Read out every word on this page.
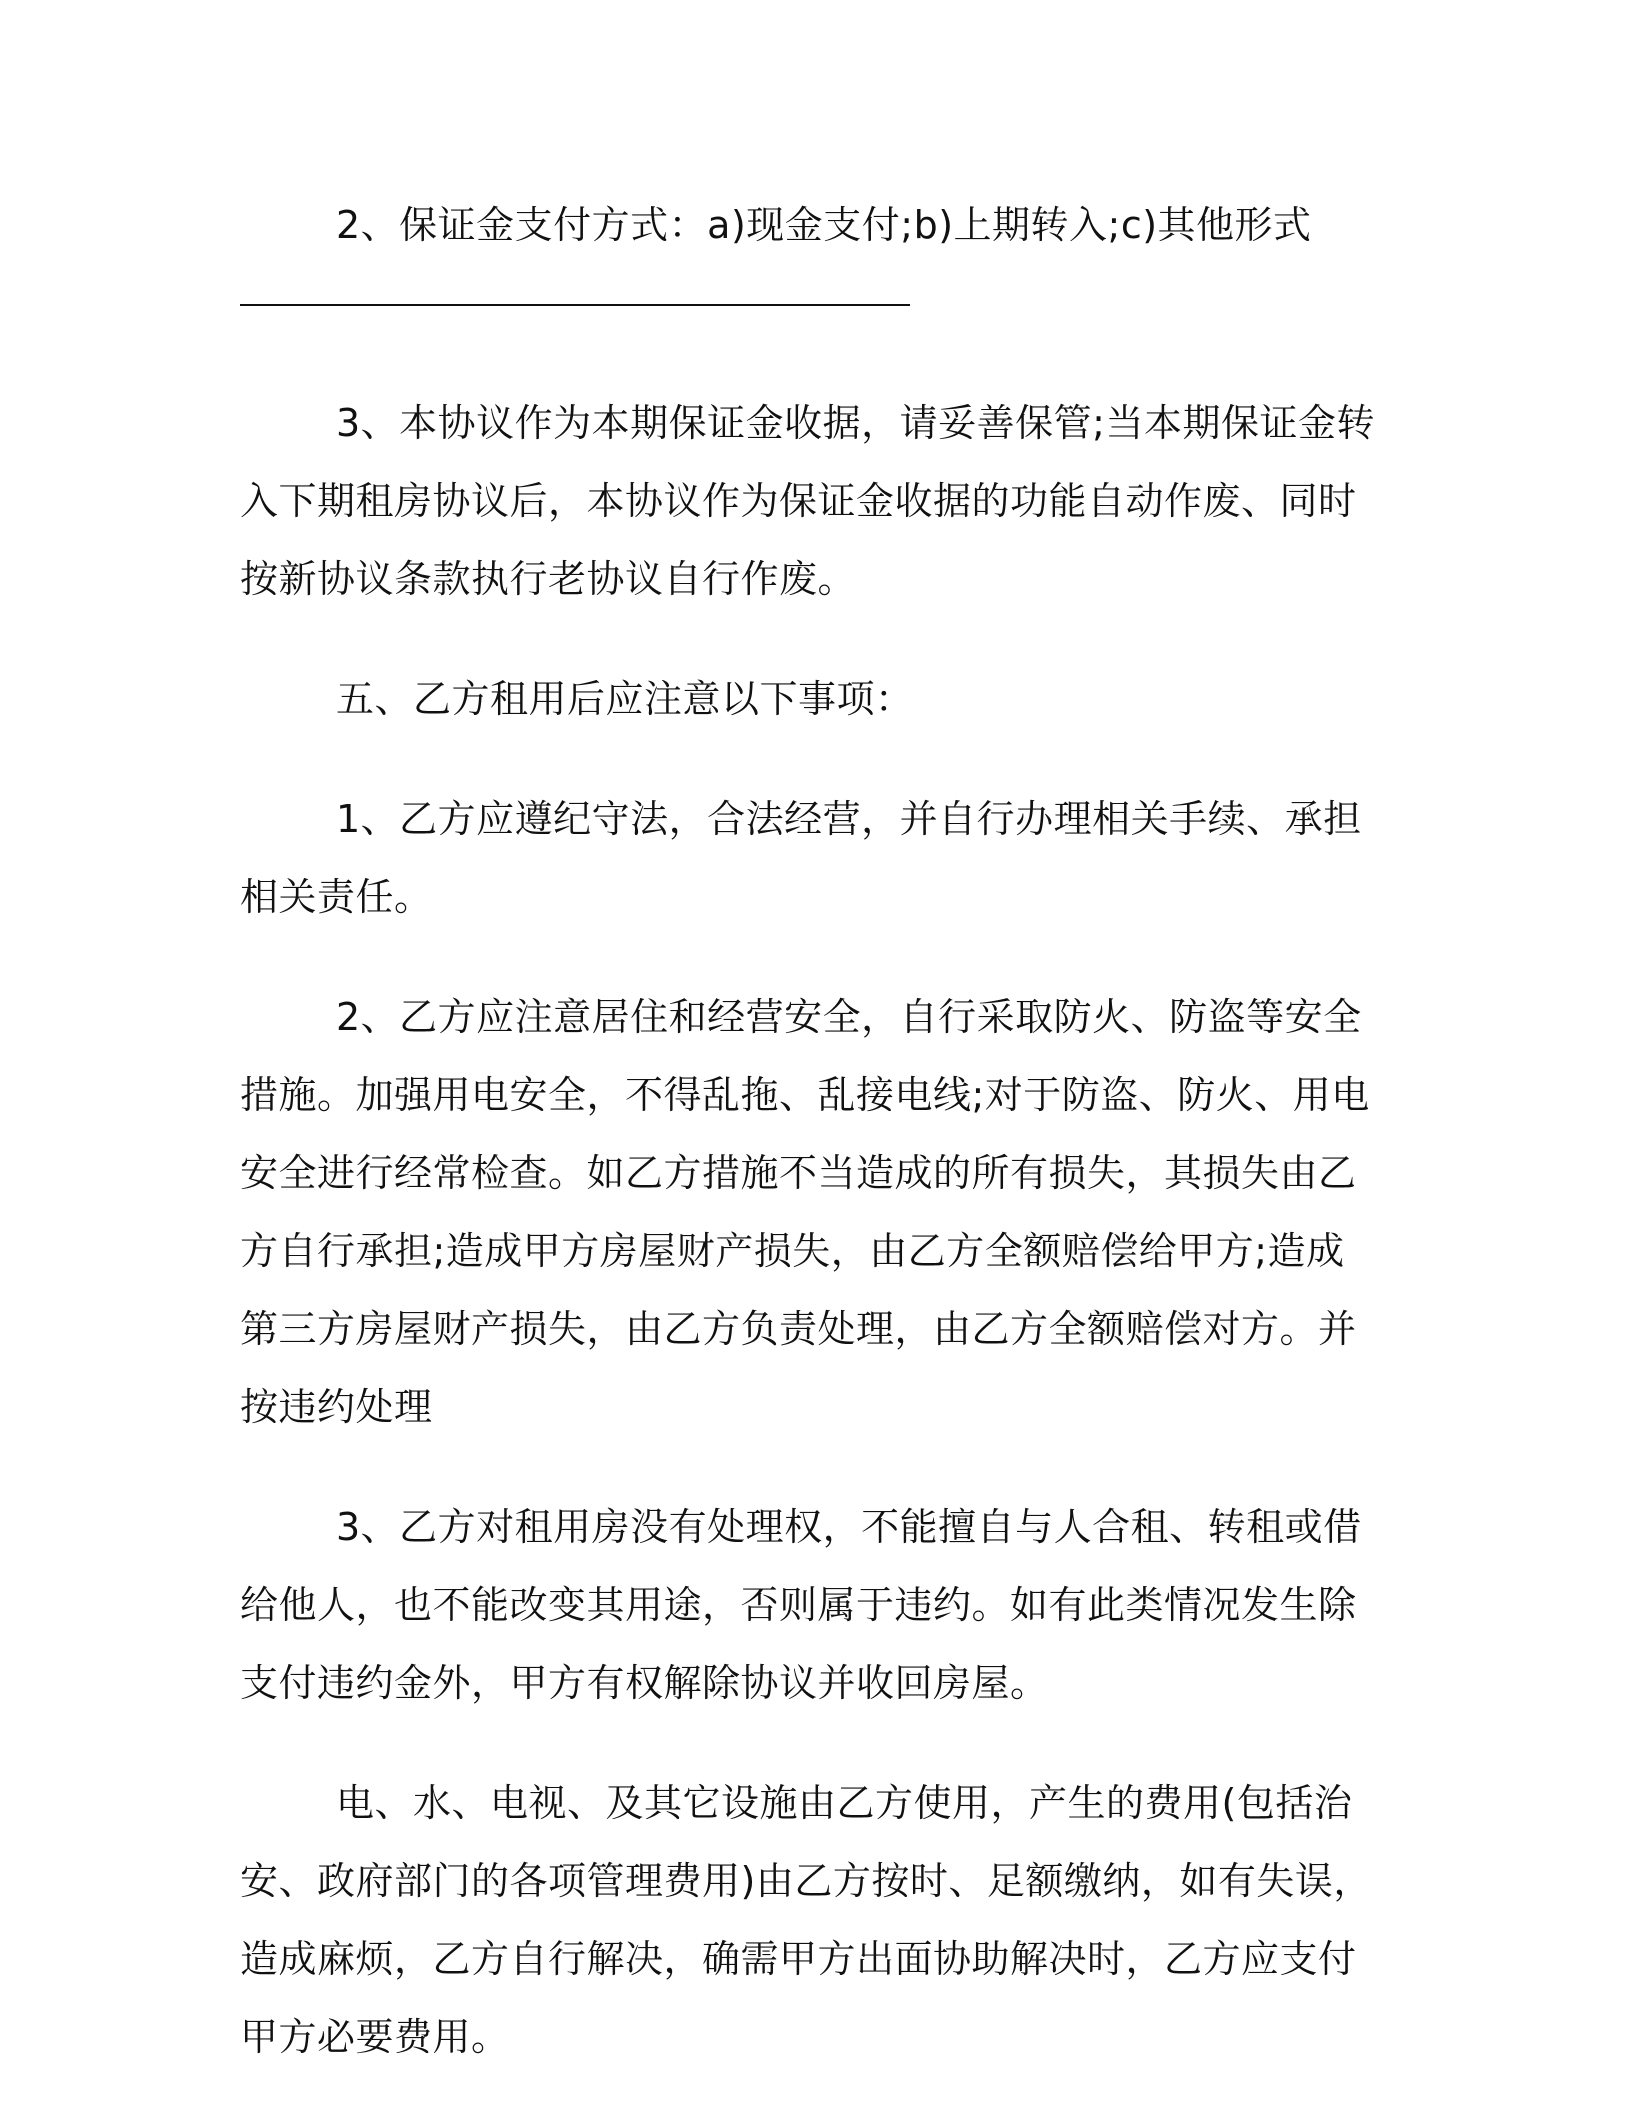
2、保证金支付方式：a)现金支付;b)上期转入;c)其他形式

3、本协议作为本期保证金收据，请妥善保管;当本期保证金转入下期租房协议后，本协议作为保证金收据的功能自动作废、同时按新协议条款执行老协议自行作废。

五、乙方租用后应注意以下事项：

1、乙方应遵纪守法，合法经营，并自行办理相关手续、承担相关责任。

2、乙方应注意居住和经营安全，自行采取防火、防盗等安全措施。加强用电安全，不得乱拖、乱接电线;对于防盗、防火、用电安全进行经常检查。如乙方措施不当造成的所有损失，其损失由乙方自行承担;造成甲方房屋财产损失，由乙方全额赔偿给甲方;造成第三方房屋财产损失，由乙方负责处理，由乙方全额赔偿对方。并按违约处理

3、乙方对租用房没有处理权，不能擅自与人合租、转租或借给他人，也不能改变其用途，否则属于违约。如有此类情况发生除支付违约金外，甲方有权解除协议并收回房屋。

电、水、电视、及其它设施由乙方使用，产生的费用(包括治安、政府部门的各项管理费用)由乙方按时、足额缴纳，如有失误，造成麻烦，乙方自行解决，确需甲方出面协助解决时，乙方应支付甲方必要费用。
